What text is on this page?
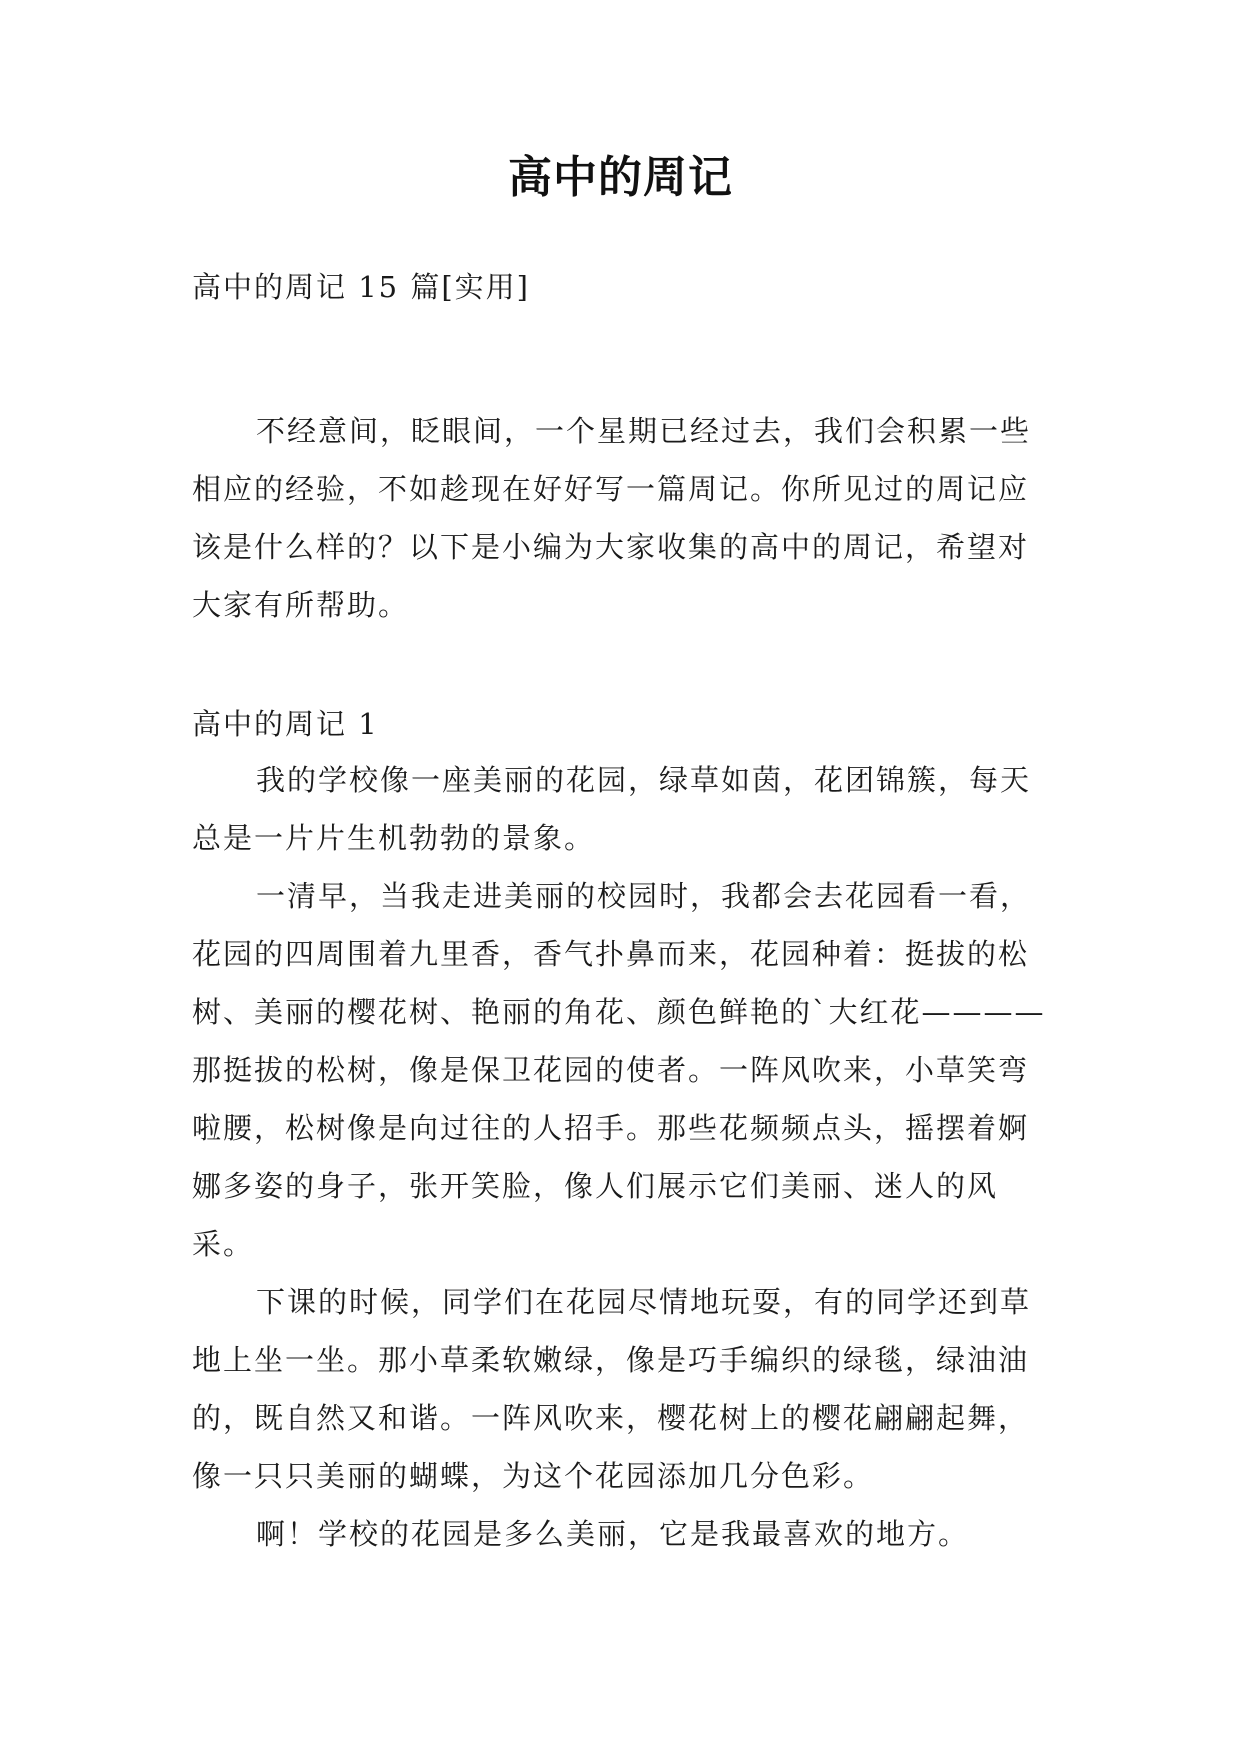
高中的周记
高中的周记 15 篇[实用]

不经意间，眨眼间，一个星期已经过去，我们会积累一些相应的经验，不如趁现在好好写一篇周记。你所见过的周记应该是什么样的？以下是小编为大家收集的高中的周记，希望对大家有所帮助。

高中的周记 1

我的学校像一座美丽的花园，绿草如茵，花团锦簇，每天总是一片片生机勃勃的景象。

一清早，当我走进美丽的校园时，我都会去花园看一看，花园的四周围着九里香，香气扑鼻而来，花园种着：挺拔的松树、美丽的樱花树、艳丽的角花、颜色鲜艳的`大红花————那挺拔的松树，像是保卫花园的使者。一阵风吹来，小草笑弯啦腰，松树像是向过往的人招手。那些花频频点头，摇摆着婀娜多姿的身子，张开笑脸，像人们展示它们美丽、迷人的风采。

下课的时候，同学们在花园尽情地玩耍，有的同学还到草地上坐一坐。那小草柔软嫩绿，像是巧手编织的绿毯，绿油油的，既自然又和谐。一阵风吹来，樱花树上的樱花翩翩起舞，像一只只美丽的蝴蝶，为这个花园添加几分色彩。

啊！学校的花园是多么美丽，它是我最喜欢的地方。
